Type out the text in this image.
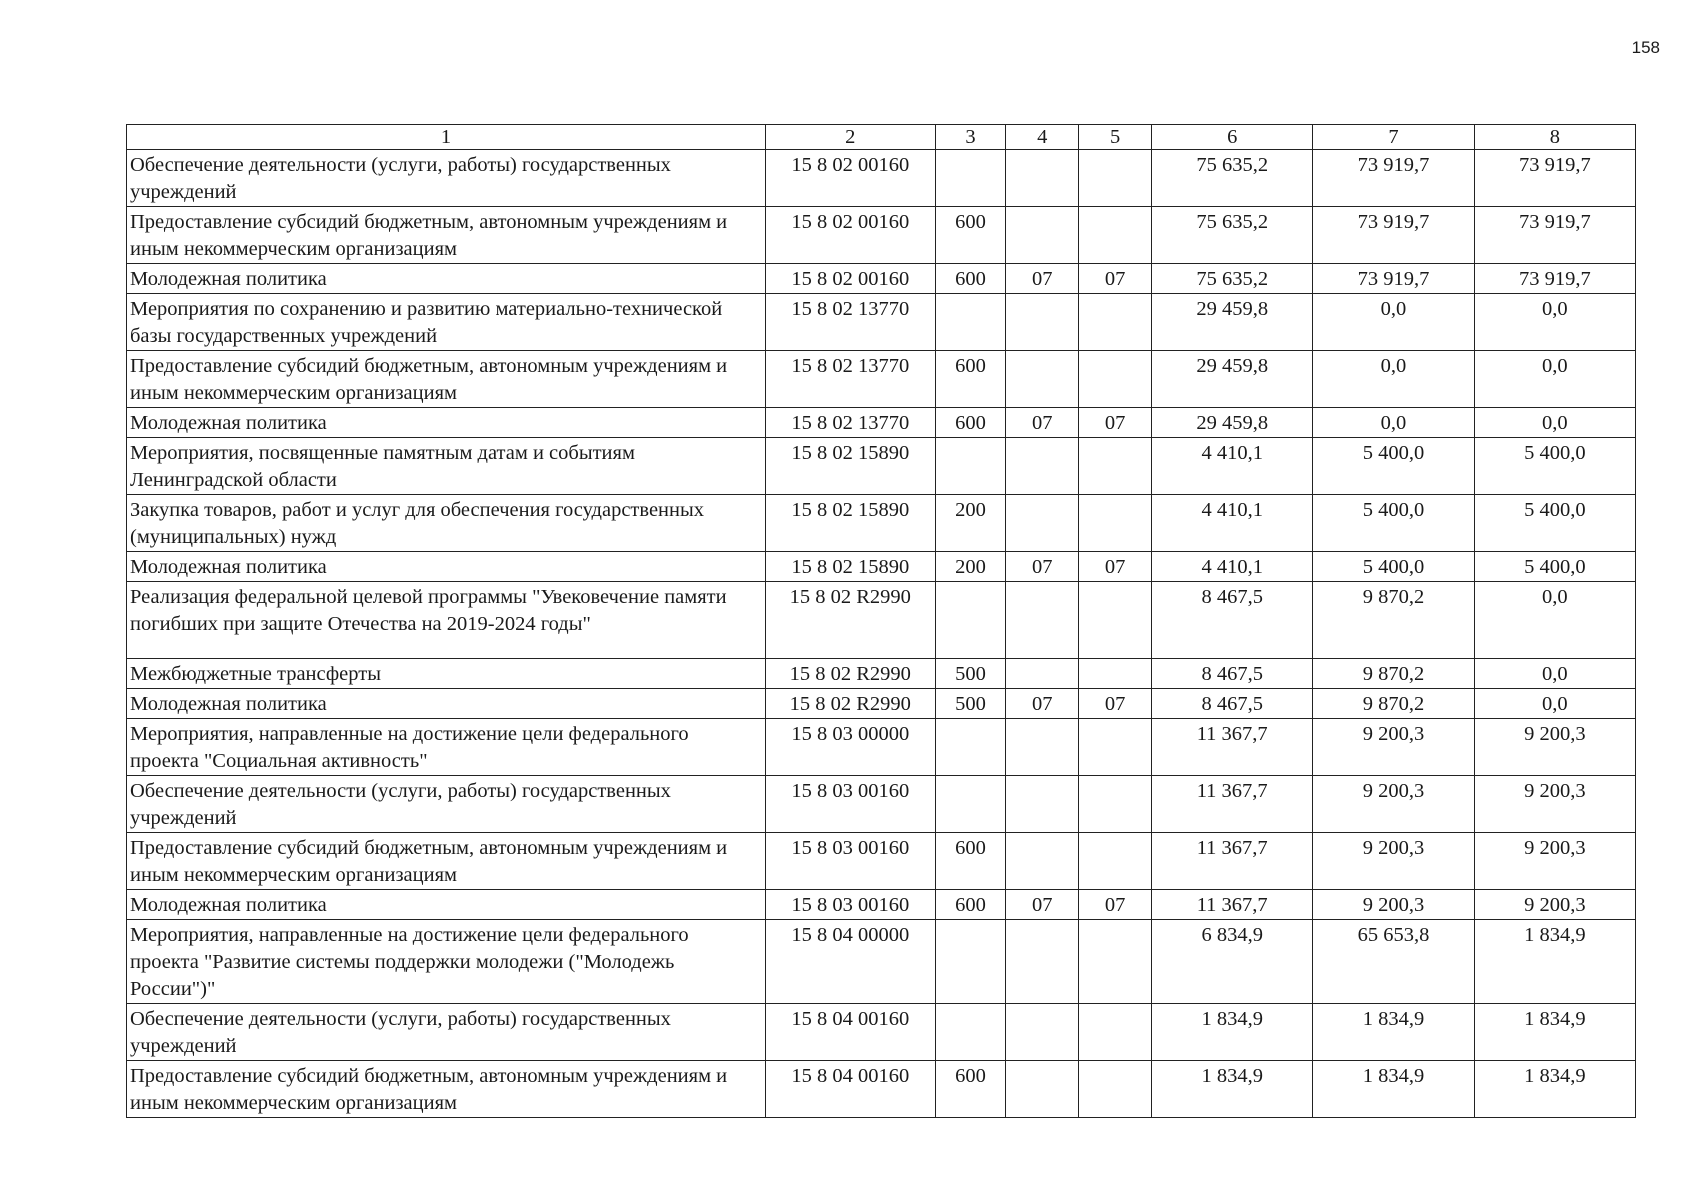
158
1	2	3	4	5	6	7	8
Обеспечение деятельности (услуги, работы) государственных учреждений	15 8 02 00160				75 635,2	73 919,7	73 919,7
Предоставление субсидий бюджетным, автономным учреждениям и иным некоммерческим организациям	15 8 02 00160	600			75 635,2	73 919,7	73 919,7
Молодежная политика	15 8 02 00160	600	07	07	75 635,2	73 919,7	73 919,7
Мероприятия по сохранению и развитию материально-технической базы государственных учреждений	15 8 02 13770				29 459,8	0,0	0,0
Предоставление субсидий бюджетным, автономным учреждениям и иным некоммерческим организациям	15 8 02 13770	600			29 459,8	0,0	0,0
Молодежная политика	15 8 02 13770	600	07	07	29 459,8	0,0	0,0
Мероприятия, посвященные памятным датам и событиям Ленинградской области	15 8 02 15890				4 410,1	5 400,0	5 400,0
Закупка товаров, работ и услуг для обеспечения государственных (муниципальных) нужд	15 8 02 15890	200			4 410,1	5 400,0	5 400,0
Молодежная политика	15 8 02 15890	200	07	07	4 410,1	5 400,0	5 400,0
Реализация федеральной целевой программы "Увековечение памяти погибших при защите Отечества на 2019-2024 годы"	15 8 02 R2990				8 467,5	9 870,2	0,0
Межбюджетные трансферты	15 8 02 R2990	500			8 467,5	9 870,2	0,0
Молодежная политика	15 8 02 R2990	500	07	07	8 467,5	9 870,2	0,0
Мероприятия, направленные на достижение цели федерального проекта "Социальная активность"	15 8 03 00000				11 367,7	9 200,3	9 200,3
Обеспечение деятельности (услуги, работы) государственных учреждений	15 8 03 00160				11 367,7	9 200,3	9 200,3
Предоставление субсидий бюджетным, автономным учреждениям и иным некоммерческим организациям	15 8 03 00160	600			11 367,7	9 200,3	9 200,3
Молодежная политика	15 8 03 00160	600	07	07	11 367,7	9 200,3	9 200,3
Мероприятия, направленные на достижение цели федерального проекта "Развитие системы поддержки молодежи ("Молодежь России")"	15 8 04 00000				6 834,9	65 653,8	1 834,9
Обеспечение деятельности (услуги, работы) государственных учреждений	15 8 04 00160				1 834,9	1 834,9	1 834,9
Предоставление субсидий бюджетным, автономным учреждениям и иным некоммерческим организациям	15 8 04 00160	600			1 834,9	1 834,9	1 834,9
